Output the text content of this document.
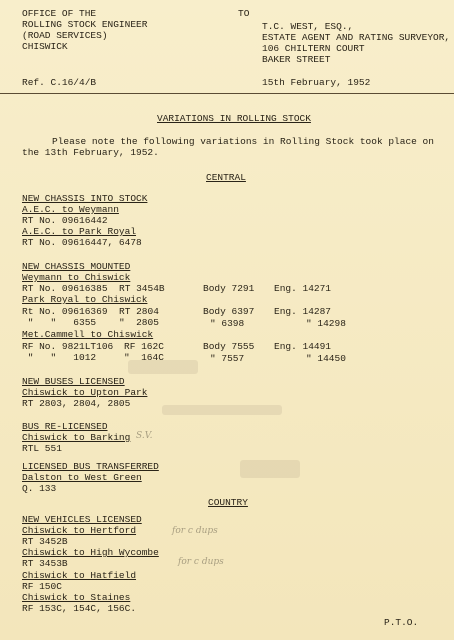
OFFICE OF THE
ROLLING STOCK ENGINEER
(ROAD SERVICES)
CHISWICK
TO
T.C. WEST, ESQ.,
ESTATE AGENT AND RATING SURVEYOR,
106 CHILTERN COURT
BAKER STREET
Ref. C.16/4/B	15th February, 1952
VARIATIONS IN ROLLING STOCK
Please note the following variations in Rolling Stock took place on
the 13th February, 1952.
CENTRAL
NEW CHASSIS INTO STOCK
A.E.C. to Weymann
RT No. 09616442
A.E.C. to Park Royal
RT No. 09616447, 6478
NEW CHASSIS MOUNTED
Weymann to Chiswick
RT No. 09616385 RT 3454B	Body 7291 Eng. 14271
Park Royal to Chiswick
Rt No. 09616369 RT 2804	Body 6397 Eng. 14287
"   "   6355 "  2805	" 6398	" 14298
Met.Cammell to Chiswick
RF No. 9821LT106 RF 162C	Body 7555 Eng. 14491
"   "   1012	"  164C	" 7557	" 14450
NEW BUSES LICENSED
Chiswick to Upton Park
RT 2803, 2804, 2805
BUS RE-LICENSED
Chiswick to Barking
RTL 551
LICENSED BUS TRANSFERRED
Dalston to West Green
Q. 133
COUNTRY
NEW VEHICLES LICENSED
Chiswick to Hertford
RT 3452B
Chiswick to High Wycombe
RT 3453B
Chiswick to Hatfield
RF 150C
Chiswick to Staines
RF 153C, 154C, 156C.
P.T.O.
for c dups
for c dups
S.V.
